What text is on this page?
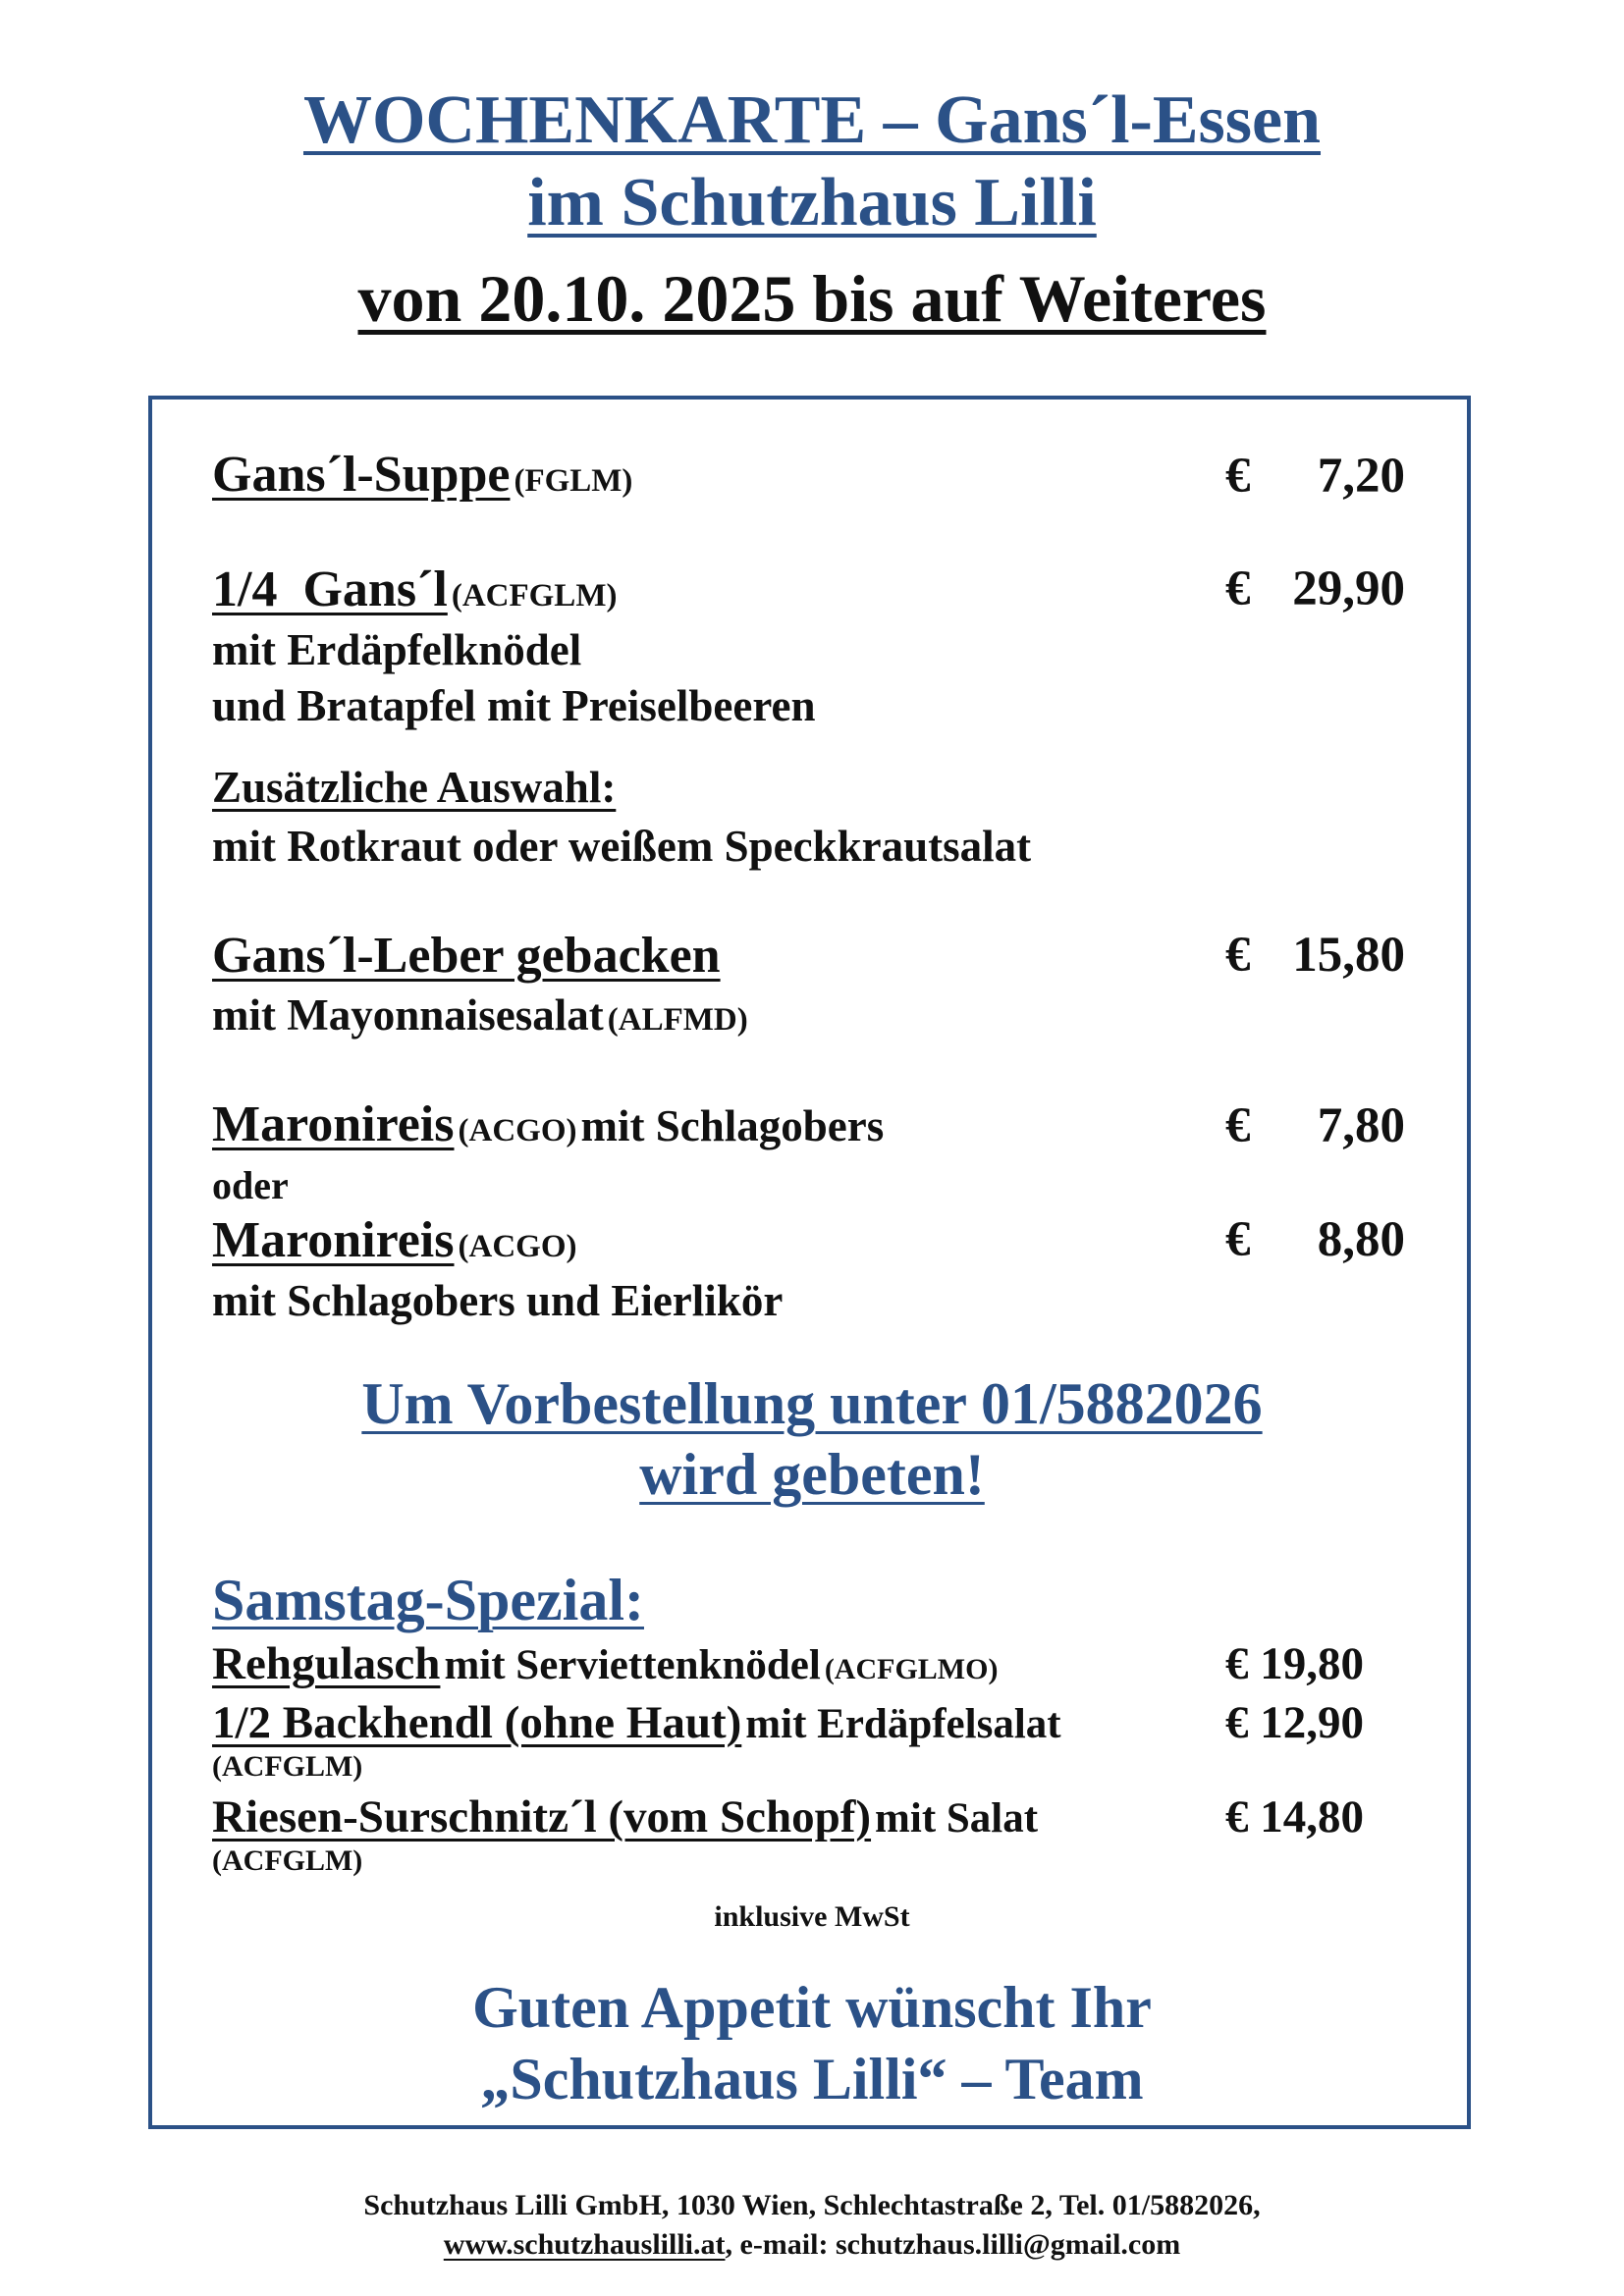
WOCHENKARTE – Gans´l-Essen
im Schutzhaus Lilli
von 20.10. 2025 bis auf Weiteres
Gans´l-Suppe (FGLM)	€ 7,20
1/4  Gans´l (ACFGLM)	€ 29,90
mit Erdäpfelknödel
und Bratapfel mit Preiselbeeren
Zusätzliche Auswahl:
mit Rotkraut oder weißem Speckkrautsalat
Gans´l-Leber gebacken	€ 15,80
mit Mayonnaisesalat (ALFMD)
Maronireis (ACGO) mit Schlagobers	€ 7,80
oder
Maronireis (ACGO)	€ 8,80
mit Schlagobers und Eierlikör
Um Vorbestellung unter 01/5882026
wird gebeten!
Samstag-Spezial:
Rehgulasch mit Serviettenknödel (ACFGLMO)	€ 19,80
1/2 Backhendl (ohne Haut) mit Erdäpfelsalat	€ 12,90
(ACFGLM)
Riesen-Surschnitz´l (vom Schopf) mit Salat	€ 14,80
(ACFGLM)
inklusive MwSt
Guten Appetit wünscht Ihr
„Schutzhaus Lilli“ – Team
Schutzhaus Lilli GmbH, 1030 Wien, Schlechtastraße 2, Tel. 01/5882026,
www.schutzhauslilli.at, e-mail: schutzhaus.lilli@gmail.com
